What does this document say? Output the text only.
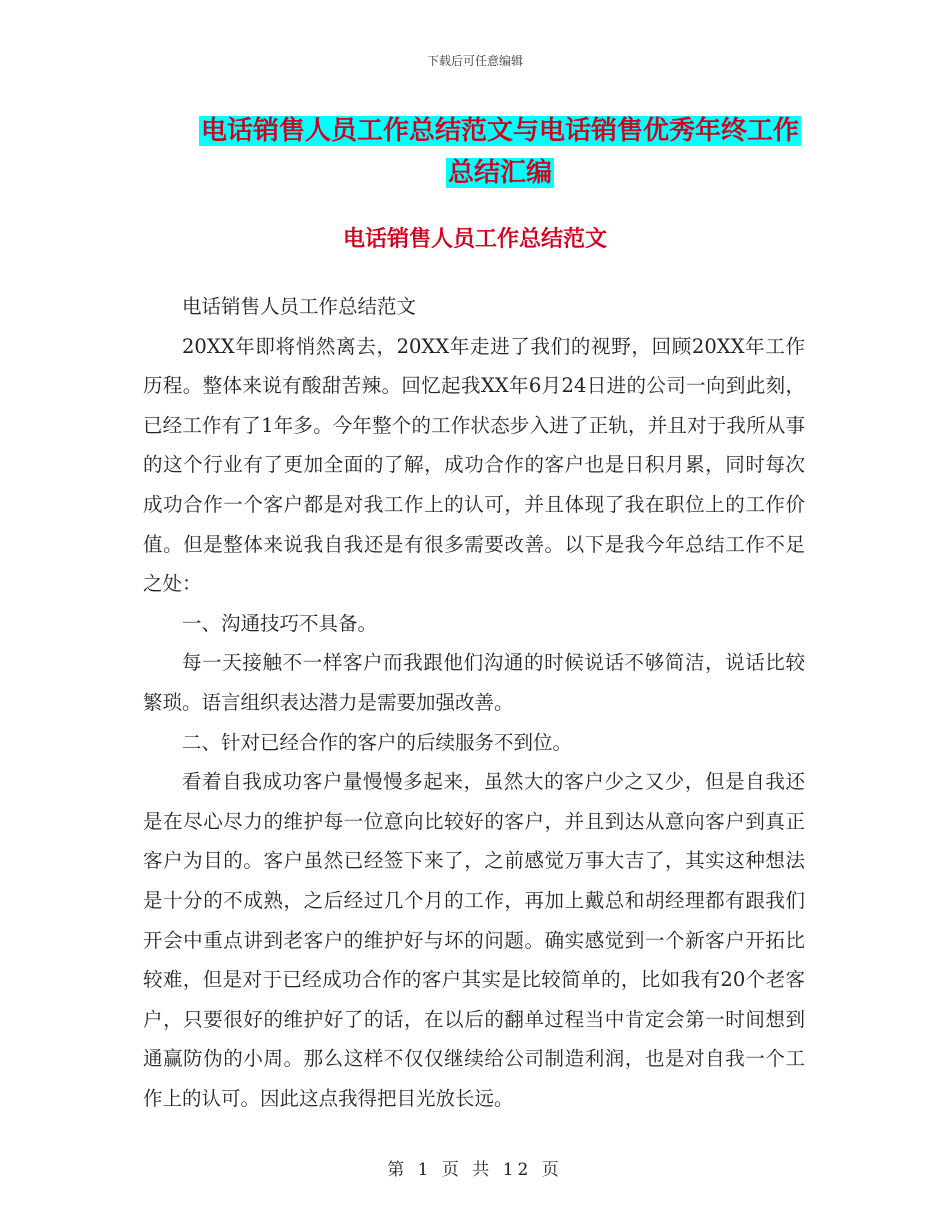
下载后可任意编辑
电话销售人员工作总结范文与电话销售优秀年终工作
总结汇编
电话销售人员工作总结范文

电话销售人员工作总结范文

20XX年即将悄然离去，20XX年走进了我们的视野，回顾20XX年工作历程。整体来说有酸甜苦辣。回忆起我XX年6月24日进的公司一向到此刻，已经工作有了1年多。今年整个的工作状态步入进了正轨，并且对于我所从事的这个行业有了更加全面的了解，成功合作的客户也是日积月累，同时每次成功合作一个客户都是对我工作上的认可，并且体现了我在职位上的工作价值。但是整体来说我自我还是有很多需要改善。以下是我今年总结工作不足之处：

一、沟通技巧不具备。

每一天接触不一样客户而我跟他们沟通的时候说话不够简洁，说话比较繁琐。语言组织表达潜力是需要加强改善。

二、针对已经合作的客户的后续服务不到位。

看着自我成功客户量慢慢多起来，虽然大的客户少之又少，但是自我还是在尽心尽力的维护每一位意向比较好的客户，并且到达从意向客户到真正客户为目的。客户虽然已经签下来了，之前感觉万事大吉了，其实这种想法是十分的不成熟，之后经过几个月的工作，再加上戴总和胡经理都有跟我们开会中重点讲到老客户的维护好与坏的问题。确实感觉到一个新客户开拓比较难，但是对于已经成功合作的客户其实是比较简单的，比如我有20个老客户，只要很好的维护好了的话，在以后的翻单过程当中肯定会第一时间想到通赢防伪的小周。那么这样不仅仅继续给公司制造利润，也是对自我一个工作上的认可。因此这点我得把目光放长远。

第 1 页 共 12 页
